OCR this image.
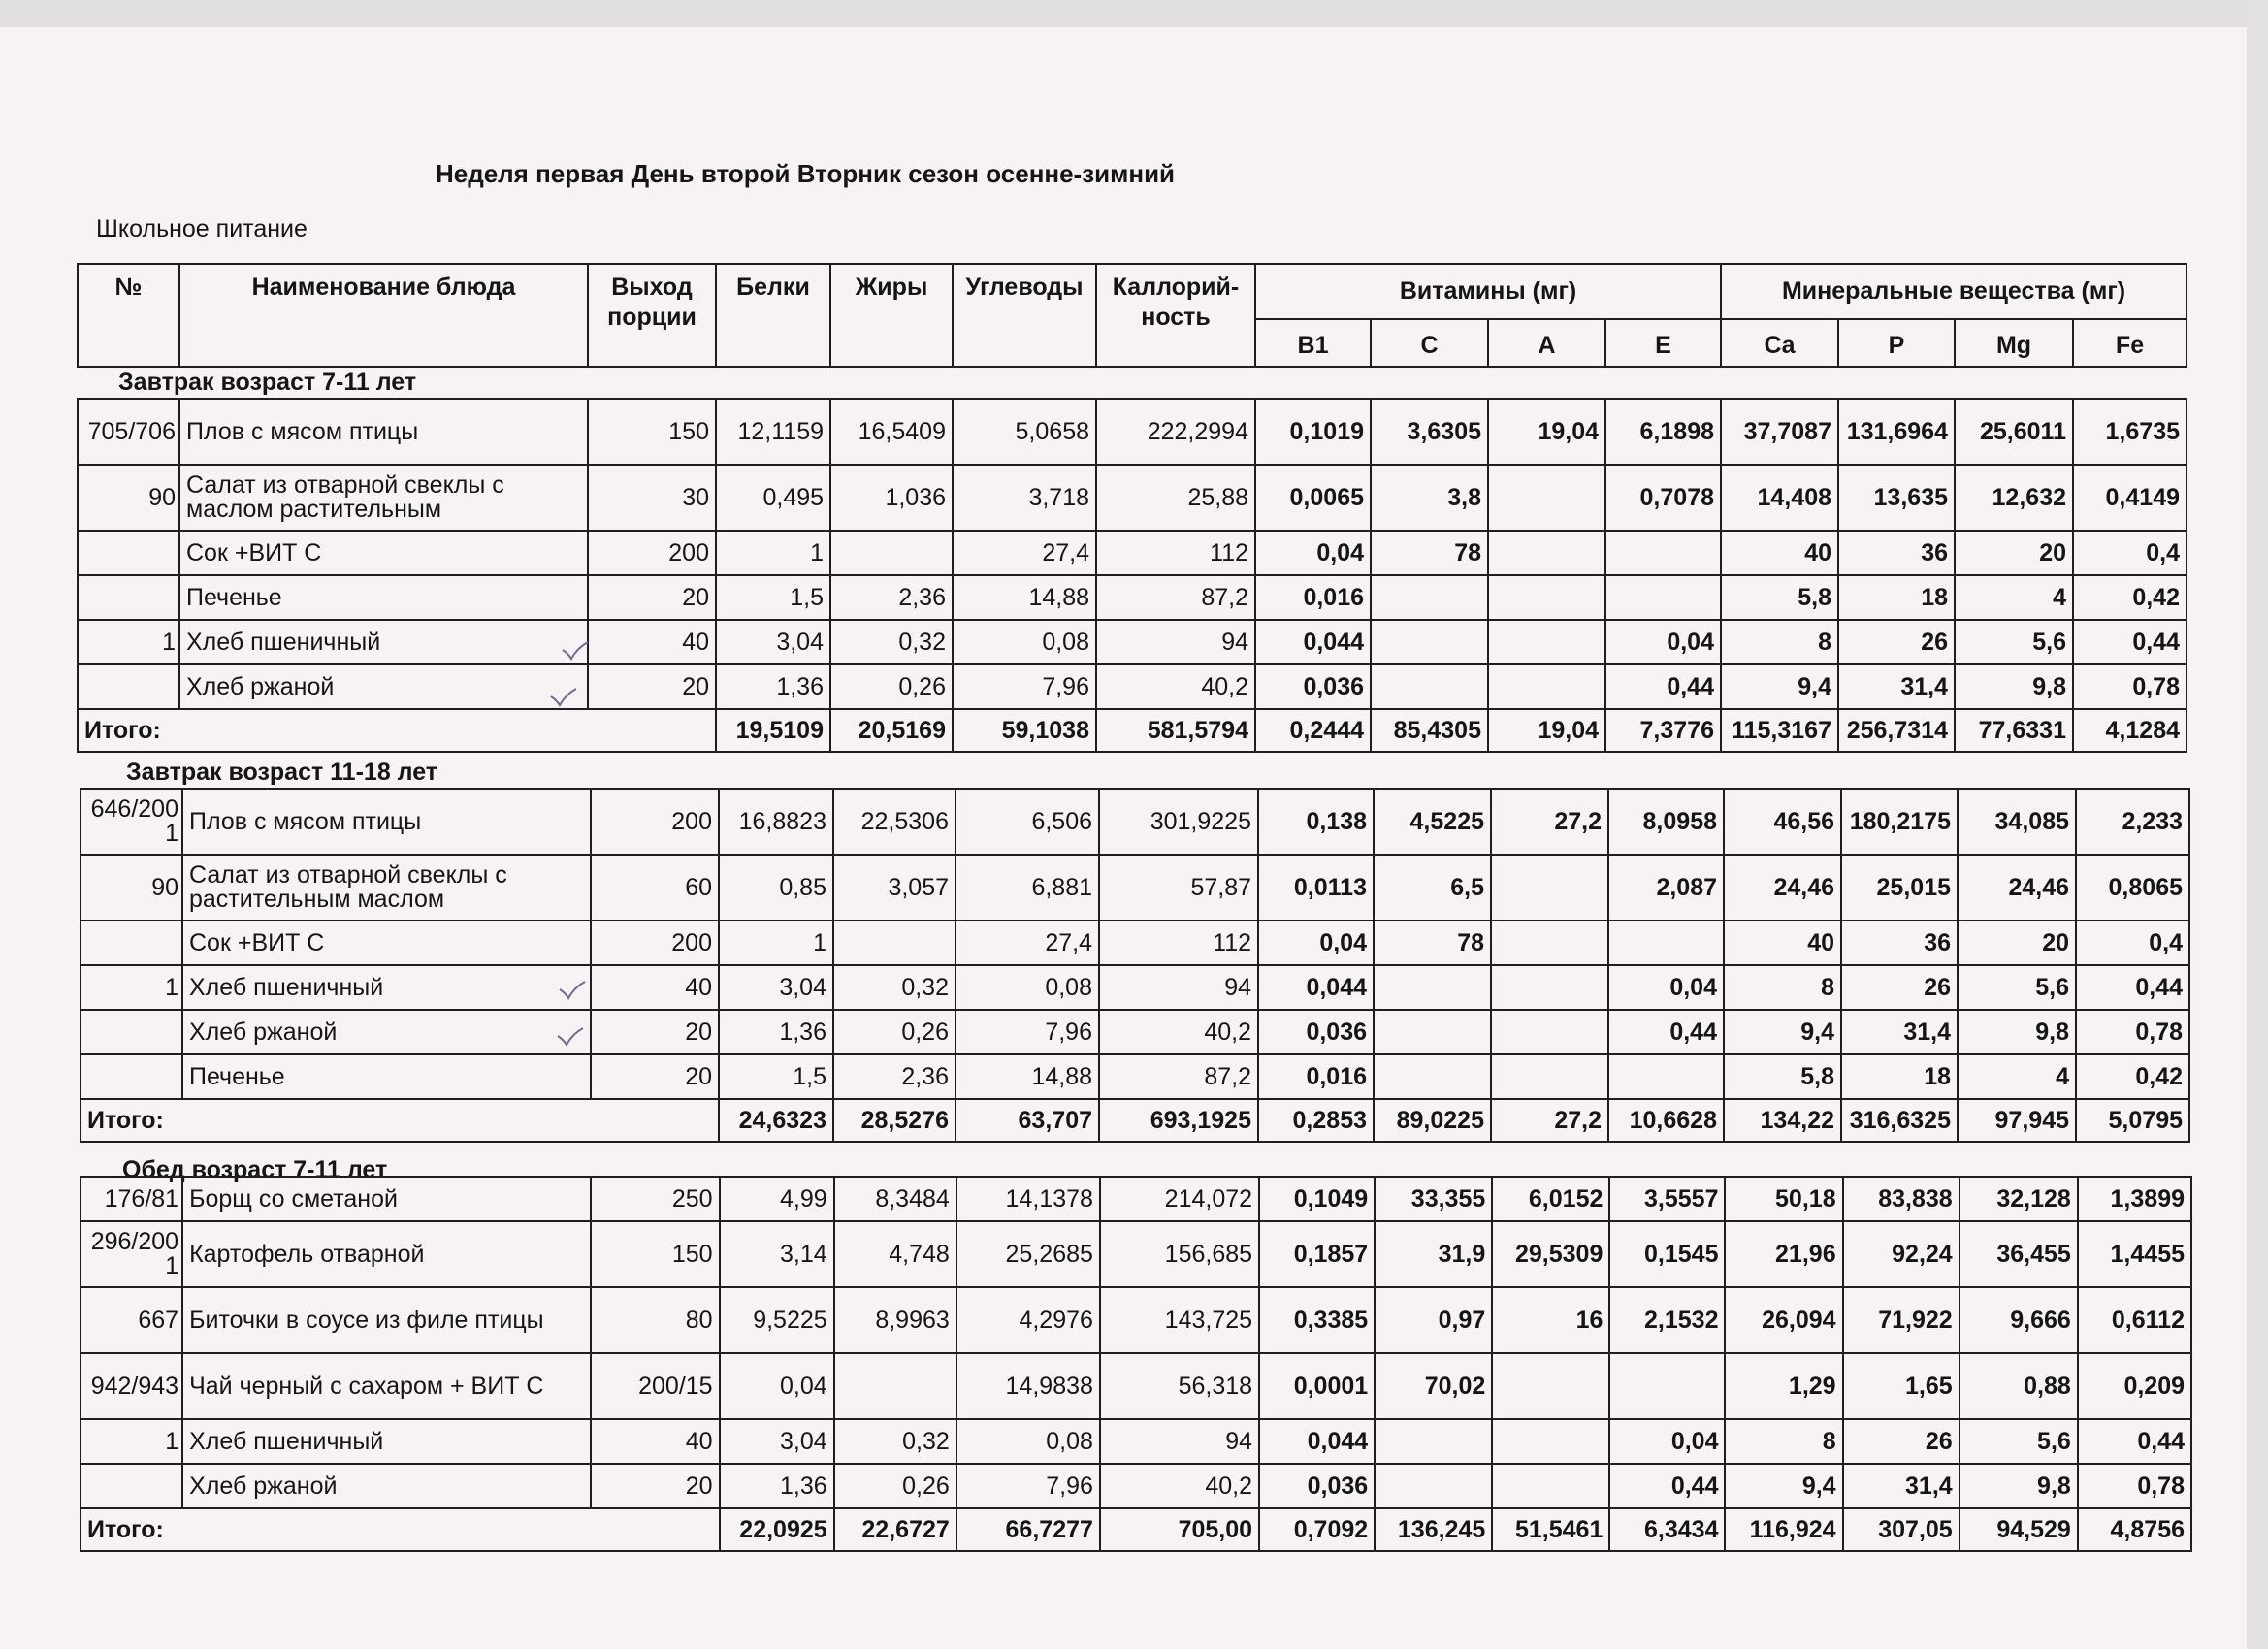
Неделя первая День второй Вторник сезон осенне-зимний
Школьное питание
№	Наименование блюда	Выход порции	Белки	Жиры	Углеводы	Каллорий-ность	Витамины (мг)				Минеральные вещества (мг)			
							B1	C	A	E	Ca	P	Mg	Fe
Завтрак возраст 7-11 лет
705/706	Плов с мясом птицы	150	12,1159	16,5409	5,0658	222,2994	0,1019	3,6305	19,04	6,1898	37,7087	131,6964	25,6011	1,6735
90	Салат из отварной свеклы с маслом растительным	30	0,495	1,036	3,718	25,88	0,0065	3,8		0,7078	14,408	13,635	12,632	0,4149
	Сок +ВИТ С	200	1		27,4	112	0,04	78			40	36	20	0,4
	Печенье	20	1,5	2,36	14,88	87,2	0,016				5,8	18	4	0,42
1	Хлеб пшеничный	40	3,04	0,32	0,08	94	0,044			0,04	8	26	5,6	0,44
	Хлеб ржаной	20	1,36	0,26	7,96	40,2	0,036			0,44	9,4	31,4	9,8	0,78
Итого:			19,5109	20,5169	59,1038	581,5794	0,2444	85,4305	19,04	7,3776	115,3167	256,7314	77,6331	4,1284
Завтрак возраст 11-18 лет
646/2001	Плов с мясом птицы	200	16,8823	22,5306	6,506	301,9225	0,138	4,5225	27,2	8,0958	46,56	180,2175	34,085	2,233
90	Салат из отварной свеклы с растительным маслом	60	0,85	3,057	6,881	57,87	0,0113	6,5		2,087	24,46	25,015	24,46	0,8065
	Сок +ВИТ С	200	1		27,4	112	0,04	78			40	36	20	0,4
1	Хлеб пшеничный	40	3,04	0,32	0,08	94	0,044			0,04	8	26	5,6	0,44
	Хлеб ржаной	20	1,36	0,26	7,96	40,2	0,036			0,44	9,4	31,4	9,8	0,78
	Печенье	20	1,5	2,36	14,88	87,2	0,016				5,8	18	4	0,42
Итого:			24,6323	28,5276	63,707	693,1925	0,2853	89,0225	27,2	10,6628	134,22	316,6325	97,945	5,0795
Обед возраст 7-11 лет
176/81	Борщ со сметаной	250	4,99	8,3484	14,1378	214,072	0,1049	33,355	6,0152	3,5557	50,18	83,838	32,128	1,3899
296/2001	Картофель отварной	150	3,14	4,748	25,2685	156,685	0,1857	31,9	29,5309	0,1545	21,96	92,24	36,455	1,4455
667	Биточки в соусе из филе птицы	80	9,5225	8,9963	4,2976	143,725	0,3385	0,97	16	2,1532	26,094	71,922	9,666	0,6112
942/943	Чай черный с сахаром + ВИТ С	200/15	0,04		14,9838	56,318	0,0001	70,02			1,29	1,65	0,88	0,209
1	Хлеб пшеничный	40	3,04	0,32	0,08	94	0,044			0,04	8	26	5,6	0,44
	Хлеб ржаной	20	1,36	0,26	7,96	40,2	0,036			0,44	9,4	31,4	9,8	0,78
Итого:			22,0925	22,6727	66,7277	705,00	0,7092	136,245	51,5461	6,3434	116,924	307,05	94,529	4,8756
